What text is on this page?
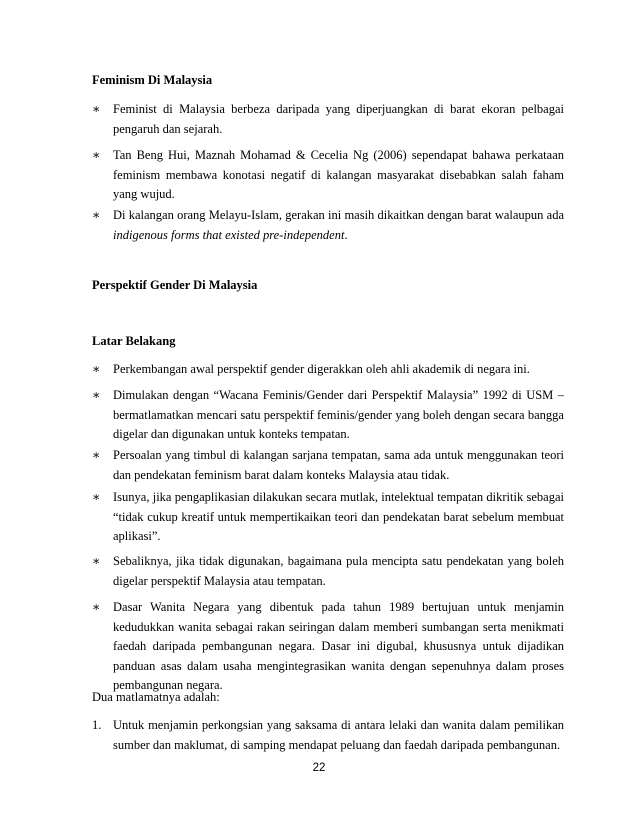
Feminism Di Malaysia
∗	Feminist di Malaysia berbeza daripada yang diperjuangkan di barat ekoran pelbagai pengaruh dan sejarah.
∗	Tan Beng Hui, Maznah Mohamad & Cecelia Ng (2006) sependapat bahawa perkataan feminism membawa konotasi negatif di kalangan masyarakat disebabkan salah faham yang wujud.
∗	Di kalangan orang Melayu-Islam, gerakan ini masih dikaitkan dengan barat walaupun ada indigenous forms that existed pre-independent.
Perspektif Gender Di Malaysia
Latar Belakang
∗	Perkembangan awal perspektif gender digerakkan oleh ahli akademik di negara ini.
∗	Dimulakan dengan “Wacana Feminis/Gender dari Perspektif Malaysia” 1992 di USM – bermatlamatkan mencari satu perspektif feminis/gender yang boleh dengan secara bangga digelar dan digunakan untuk konteks tempatan.
∗	Persoalan yang timbul di kalangan sarjana tempatan, sama ada untuk menggunakan teori dan pendekatan feminism barat dalam konteks Malaysia atau tidak.
∗	Isunya, jika pengaplikasian dilakukan secara mutlak, intelektual tempatan dikritik sebagai “tidak cukup kreatif untuk mempertikaikan teori dan pendekatan barat sebelum membuat aplikasi”.
∗	Sebaliknya, jika tidak digunakan, bagaimana pula mencipta satu pendekatan yang boleh digelar perspektif Malaysia atau tempatan.
∗	Dasar Wanita Negara yang dibentuk pada tahun 1989 bertujuan untuk menjamin kedudukkan wanita sebagai rakan seiringan dalam memberi sumbangan serta menikmati faedah daripada pembangunan negara. Dasar ini digubal, khususnya untuk dijadikan panduan asas dalam usaha mengintegrasikan wanita dengan sepenuhnya dalam proses pembangunan negara.
Dua matlamatnya adalah:
1. Untuk menjamin perkongsian yang saksama di antara lelaki dan wanita dalam pemilikan sumber dan maklumat, di samping mendapat peluang dan faedah daripada pembangunan.
22
